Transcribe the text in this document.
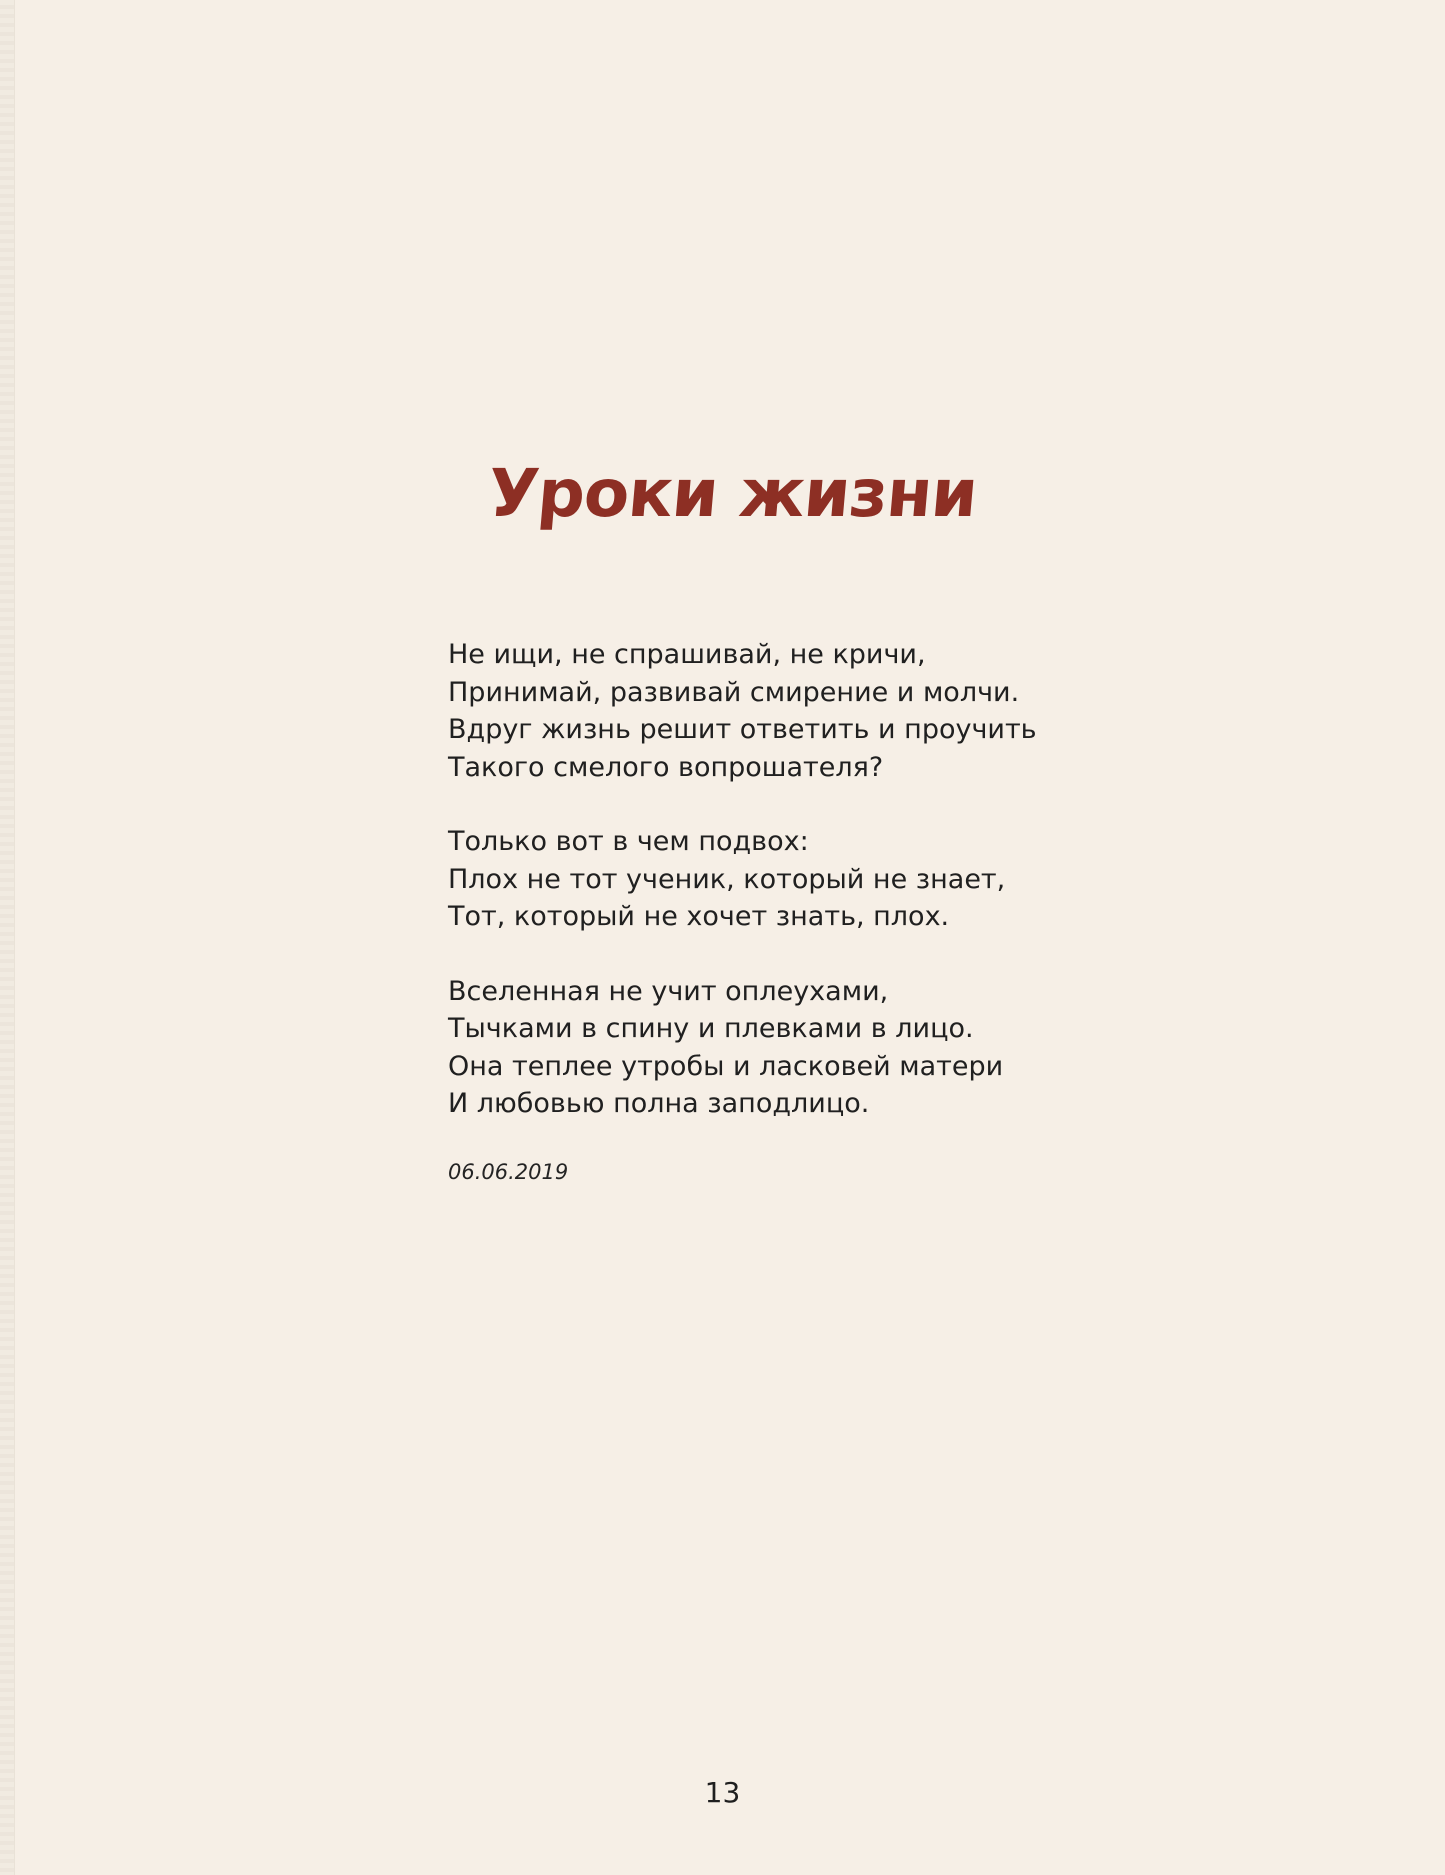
Уроки жизни
Не ищи, не спрашивай, не кричи,
Принимай, развивай смирение и молчи.
Вдруг жизнь решит ответить и проучить
Такого смелого вопрошателя?
Только вот в чем подвох:
Плох не тот ученик, который не знает,
Тот, который не хочет знать, плох.
Вселенная не учит оплеухами,
Тычками в спину и плевками в лицо.
Она теплее утробы и ласковей матери
И любовью полна заподлицо.
06.06.2019
13
